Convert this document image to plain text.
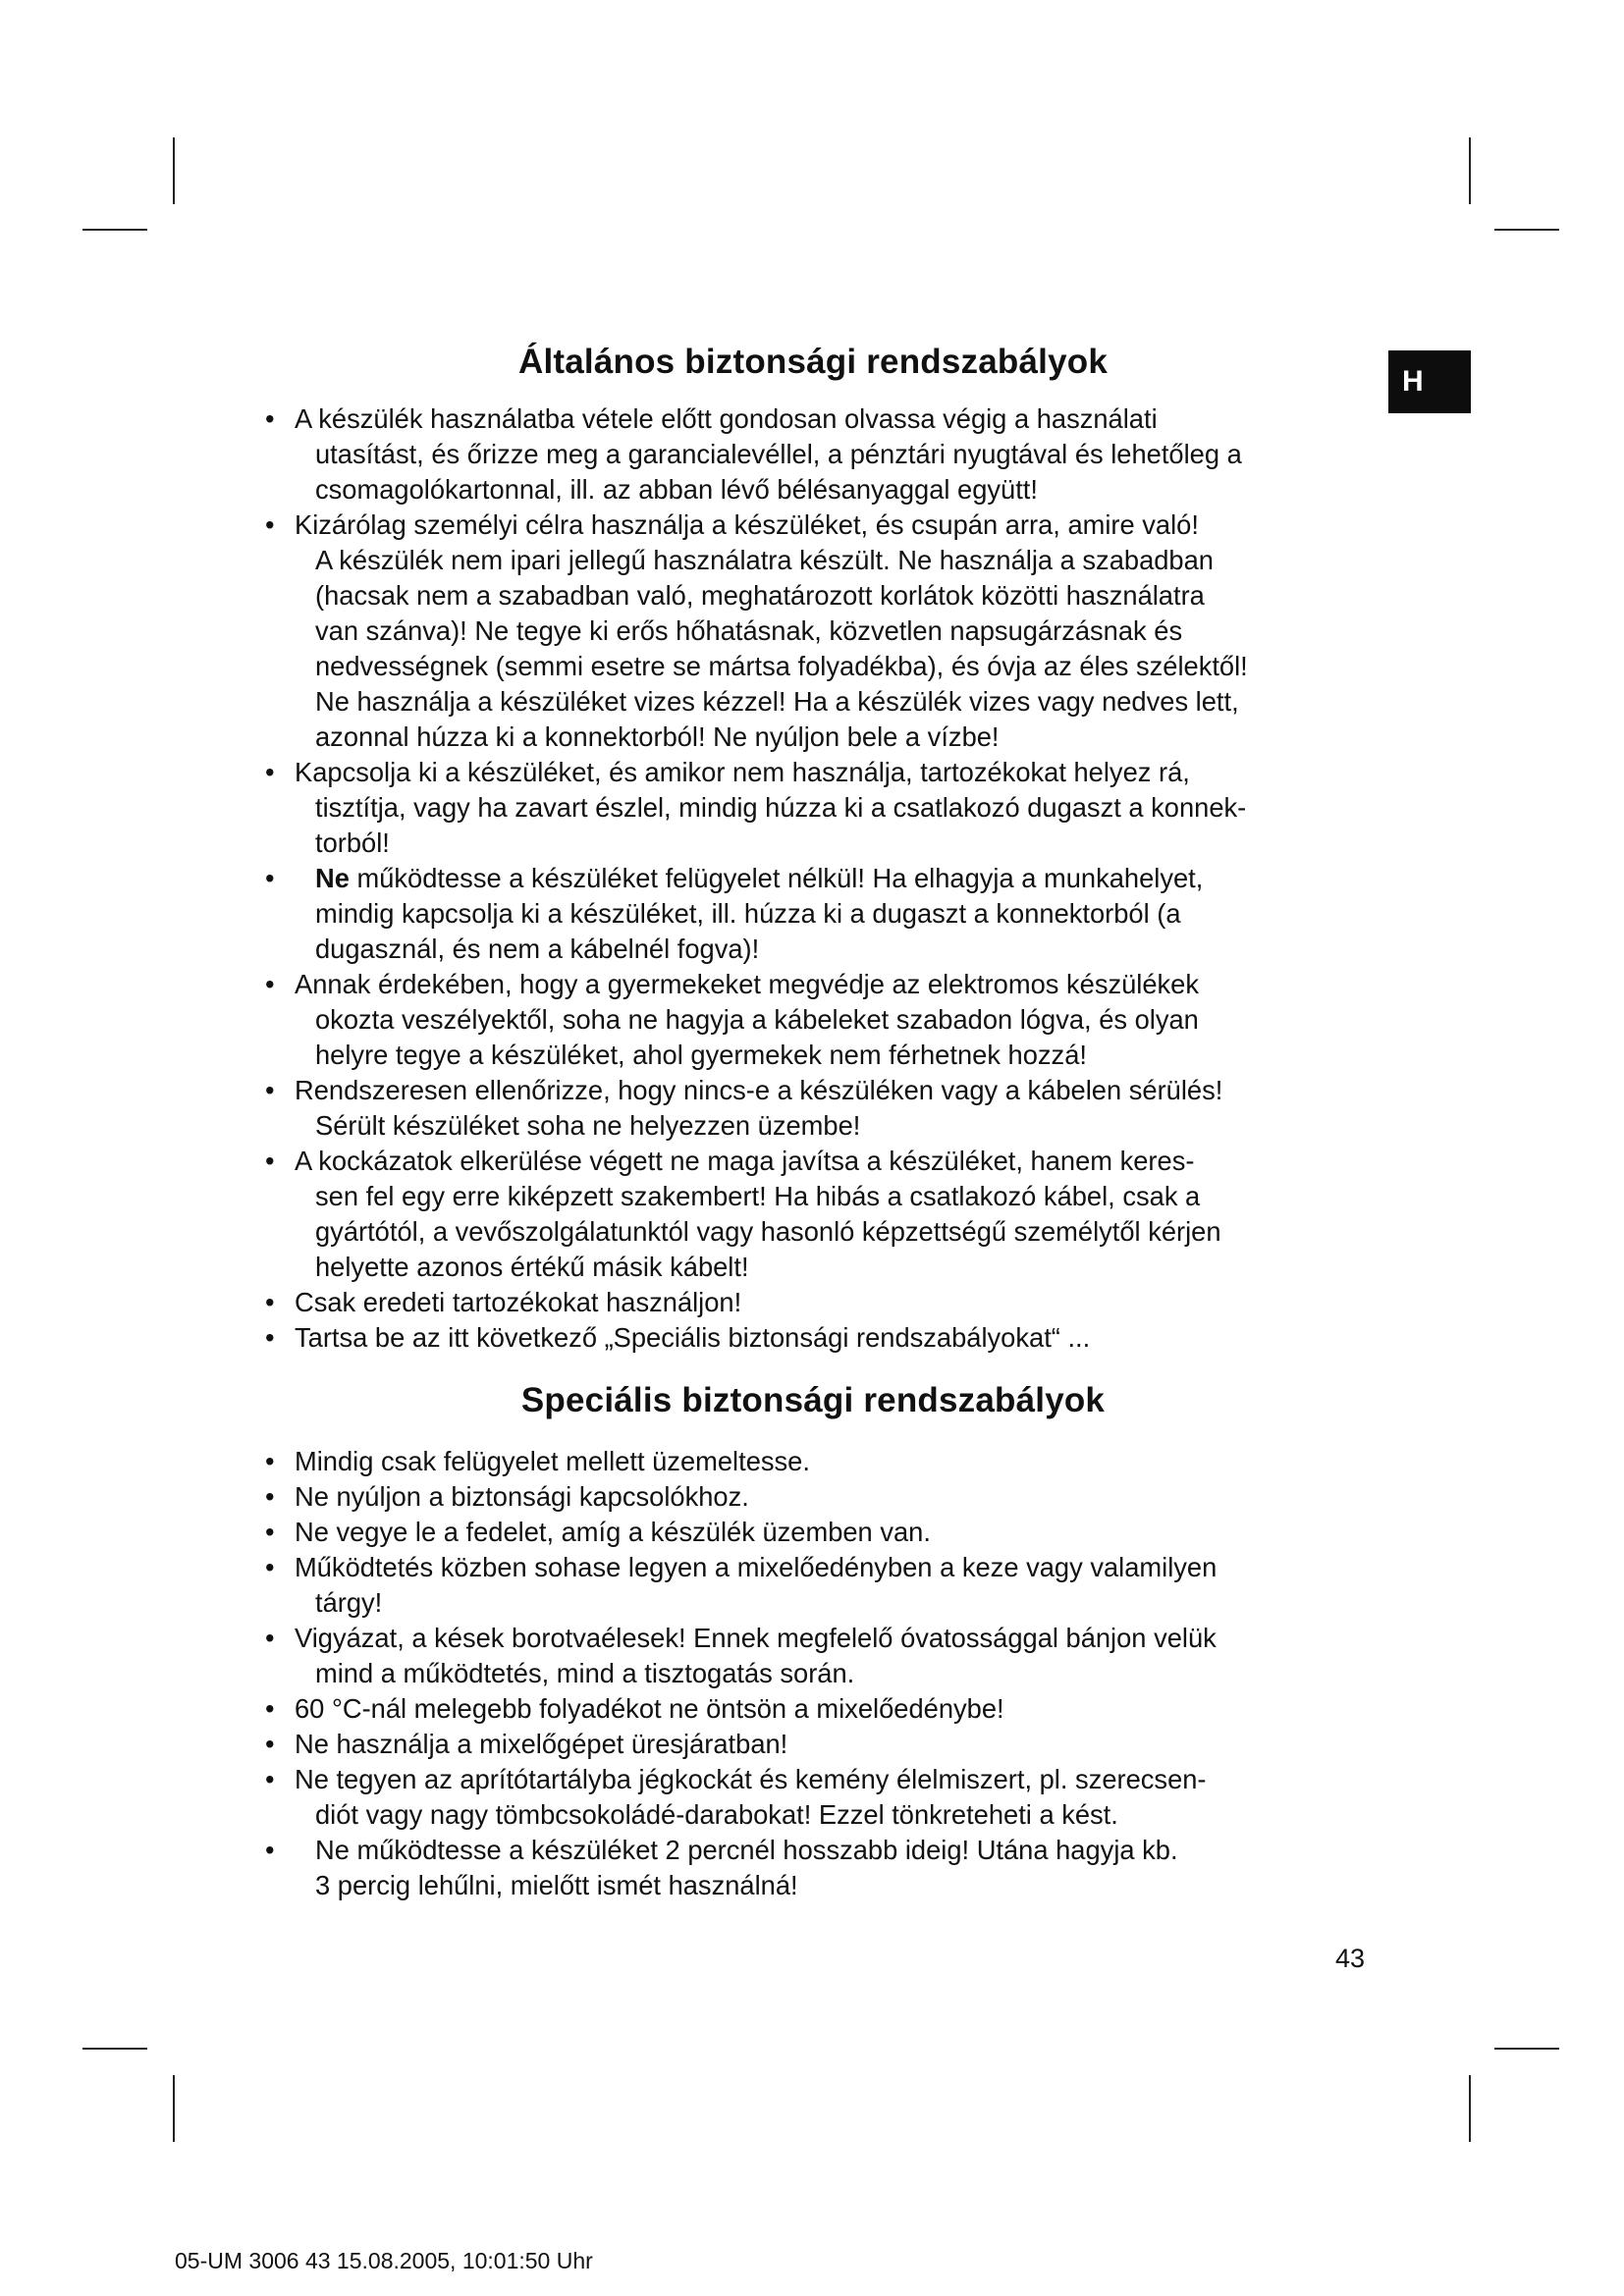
H
Általános biztonsági rendszabályok
• A készülék használatba vétele előtt gondosan olvassa végig a használati
utasítást, és őrizze meg a garancialevéllel, a pénztári nyugtával és lehetőleg a
csomagolókartonnal, ill. az abban lévő bélésanyaggal együtt!
• Kizárólag személyi célra használja a készüléket, és csupán arra, amire való!
A készülék nem ipari jellegű használatra készült. Ne használja a szabadban
(hacsak nem a szabadban való, meghatározott korlátok közötti használatra
van szánva)! Ne tegye ki erős hőhatásnak, közvetlen napsugárzásnak és
nedvességnek (semmi esetre se mártsa folyadékba), és óvja az éles szélektől!
Ne használja a készüléket vizes kézzel! Ha a készülék vizes vagy nedves lett,
azonnal húzza ki a konnektorból! Ne nyúljon bele a vízbe!
• Kapcsolja ki a készüléket, és amikor nem használja, tartozékokat helyez rá,
tisztítja, vagy ha zavart észlel, mindig húzza ki a csatlakozó dugaszt a konnek-
torból!
•	Ne működtesse a készüléket felügyelet nélkül! Ha elhagyja a munkahelyet,
mindig kapcsolja ki a készüléket, ill. húzza ki a dugaszt a konnektorból (a
dugasznál, és nem a kábelnél fogva)!
• Annak érdekében, hogy a gyermekeket megvédje az elektromos készülékek
okozta veszélyektől, soha ne hagyja a kábeleket szabadon lógva, és olyan
helyre tegye a készüléket, ahol gyermekek nem férhetnek hozzá!
• Rendszeresen ellenőrizze, hogy nincs-e a készüléken vagy a kábelen sérülés!
Sérült készüléket soha ne helyezzen üzembe!
• A kockázatok elkerülése végett ne maga javítsa a készüléket, hanem keres-
sen fel egy erre kiképzett szakembert! Ha hibás a csatlakozó kábel, csak a
gyártótól, a vevőszolgálatunktól vagy hasonló képzettségű személytől kérjen
helyette azonos értékű másik kábelt!
• Csak eredeti tartozékokat használjon!
• Tartsa be az itt következő „Speciális biztonsági rendszabályokat“ ...
Speciális biztonsági rendszabályok
• Mindig csak felügyelet mellett üzemeltesse.
• Ne nyúljon a biztonsági kapcsolókhoz.
• Ne vegye le a fedelet, amíg a készülék üzemben van.
• Működtetés közben sohase legyen a mixelőedényben a keze vagy valamilyen
tárgy!
• Vigyázat, a kések borotvaélesek! Ennek megfelelő óvatossággal bánjon velük
mind a működtetés, mind a tisztogatás során.
• 60 °C-nál melegebb folyadékot ne öntsön a mixelőedénybe!
• Ne használja a mixelőgépet üresjáratban!
• Ne tegyen az aprítótartályba jégkockát és kemény élelmiszert, pl. szerecsen-
diót vagy nagy tömbcsokoládé-darabokat! Ezzel tönkreteheti a kést.
•	Ne működtesse a készüléket 2 percnél hosszabb ideig! Utána hagyja kb.
3 percig lehűlni, mielőtt ismét használná!
43
05-UM 3006 43 15.08.2005, 10:01:50 Uhr
